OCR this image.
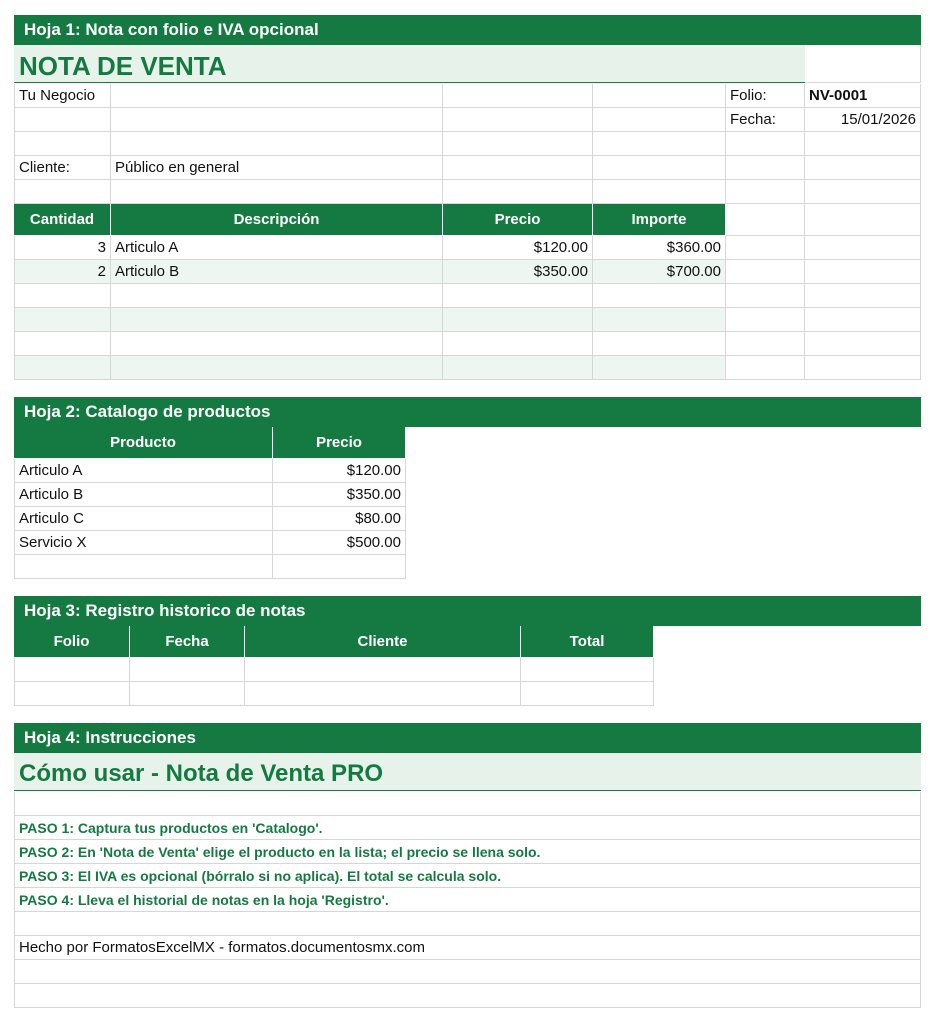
Hoja 1: Nota con folio e IVA opcional
NOTA DE VENTA
Tu Negocio	Folio:	NV-0001
Fecha:	15/01/2026
Cliente:	Público en general
Cantidad	Descripción	Precio	Importe
3 Articulo A	$120.00	$360.00
2 Articulo B	$350.00	$700.00
Hoja 2: Catalogo de productos
Producto	Precio
Articulo A	$120.00
Articulo B	$350.00
Articulo C	$80.00
Servicio X	$500.00
Hoja 3: Registro historico de notas
Folio	Fecha	Cliente	Total
Hoja 4: Instrucciones
Cómo usar - Nota de Venta PRO
PASO 1: Captura tus productos en 'Catalogo'.
PASO 2: En 'Nota de Venta' elige el producto en la lista; el precio se llena solo.
PASO 3: El IVA es opcional (bórralo si no aplica). El total se calcula solo.
PASO 4: Lleva el historial de notas en la hoja 'Registro'.
Hecho por FormatosExcelMX - formatos.documentosmx.com
